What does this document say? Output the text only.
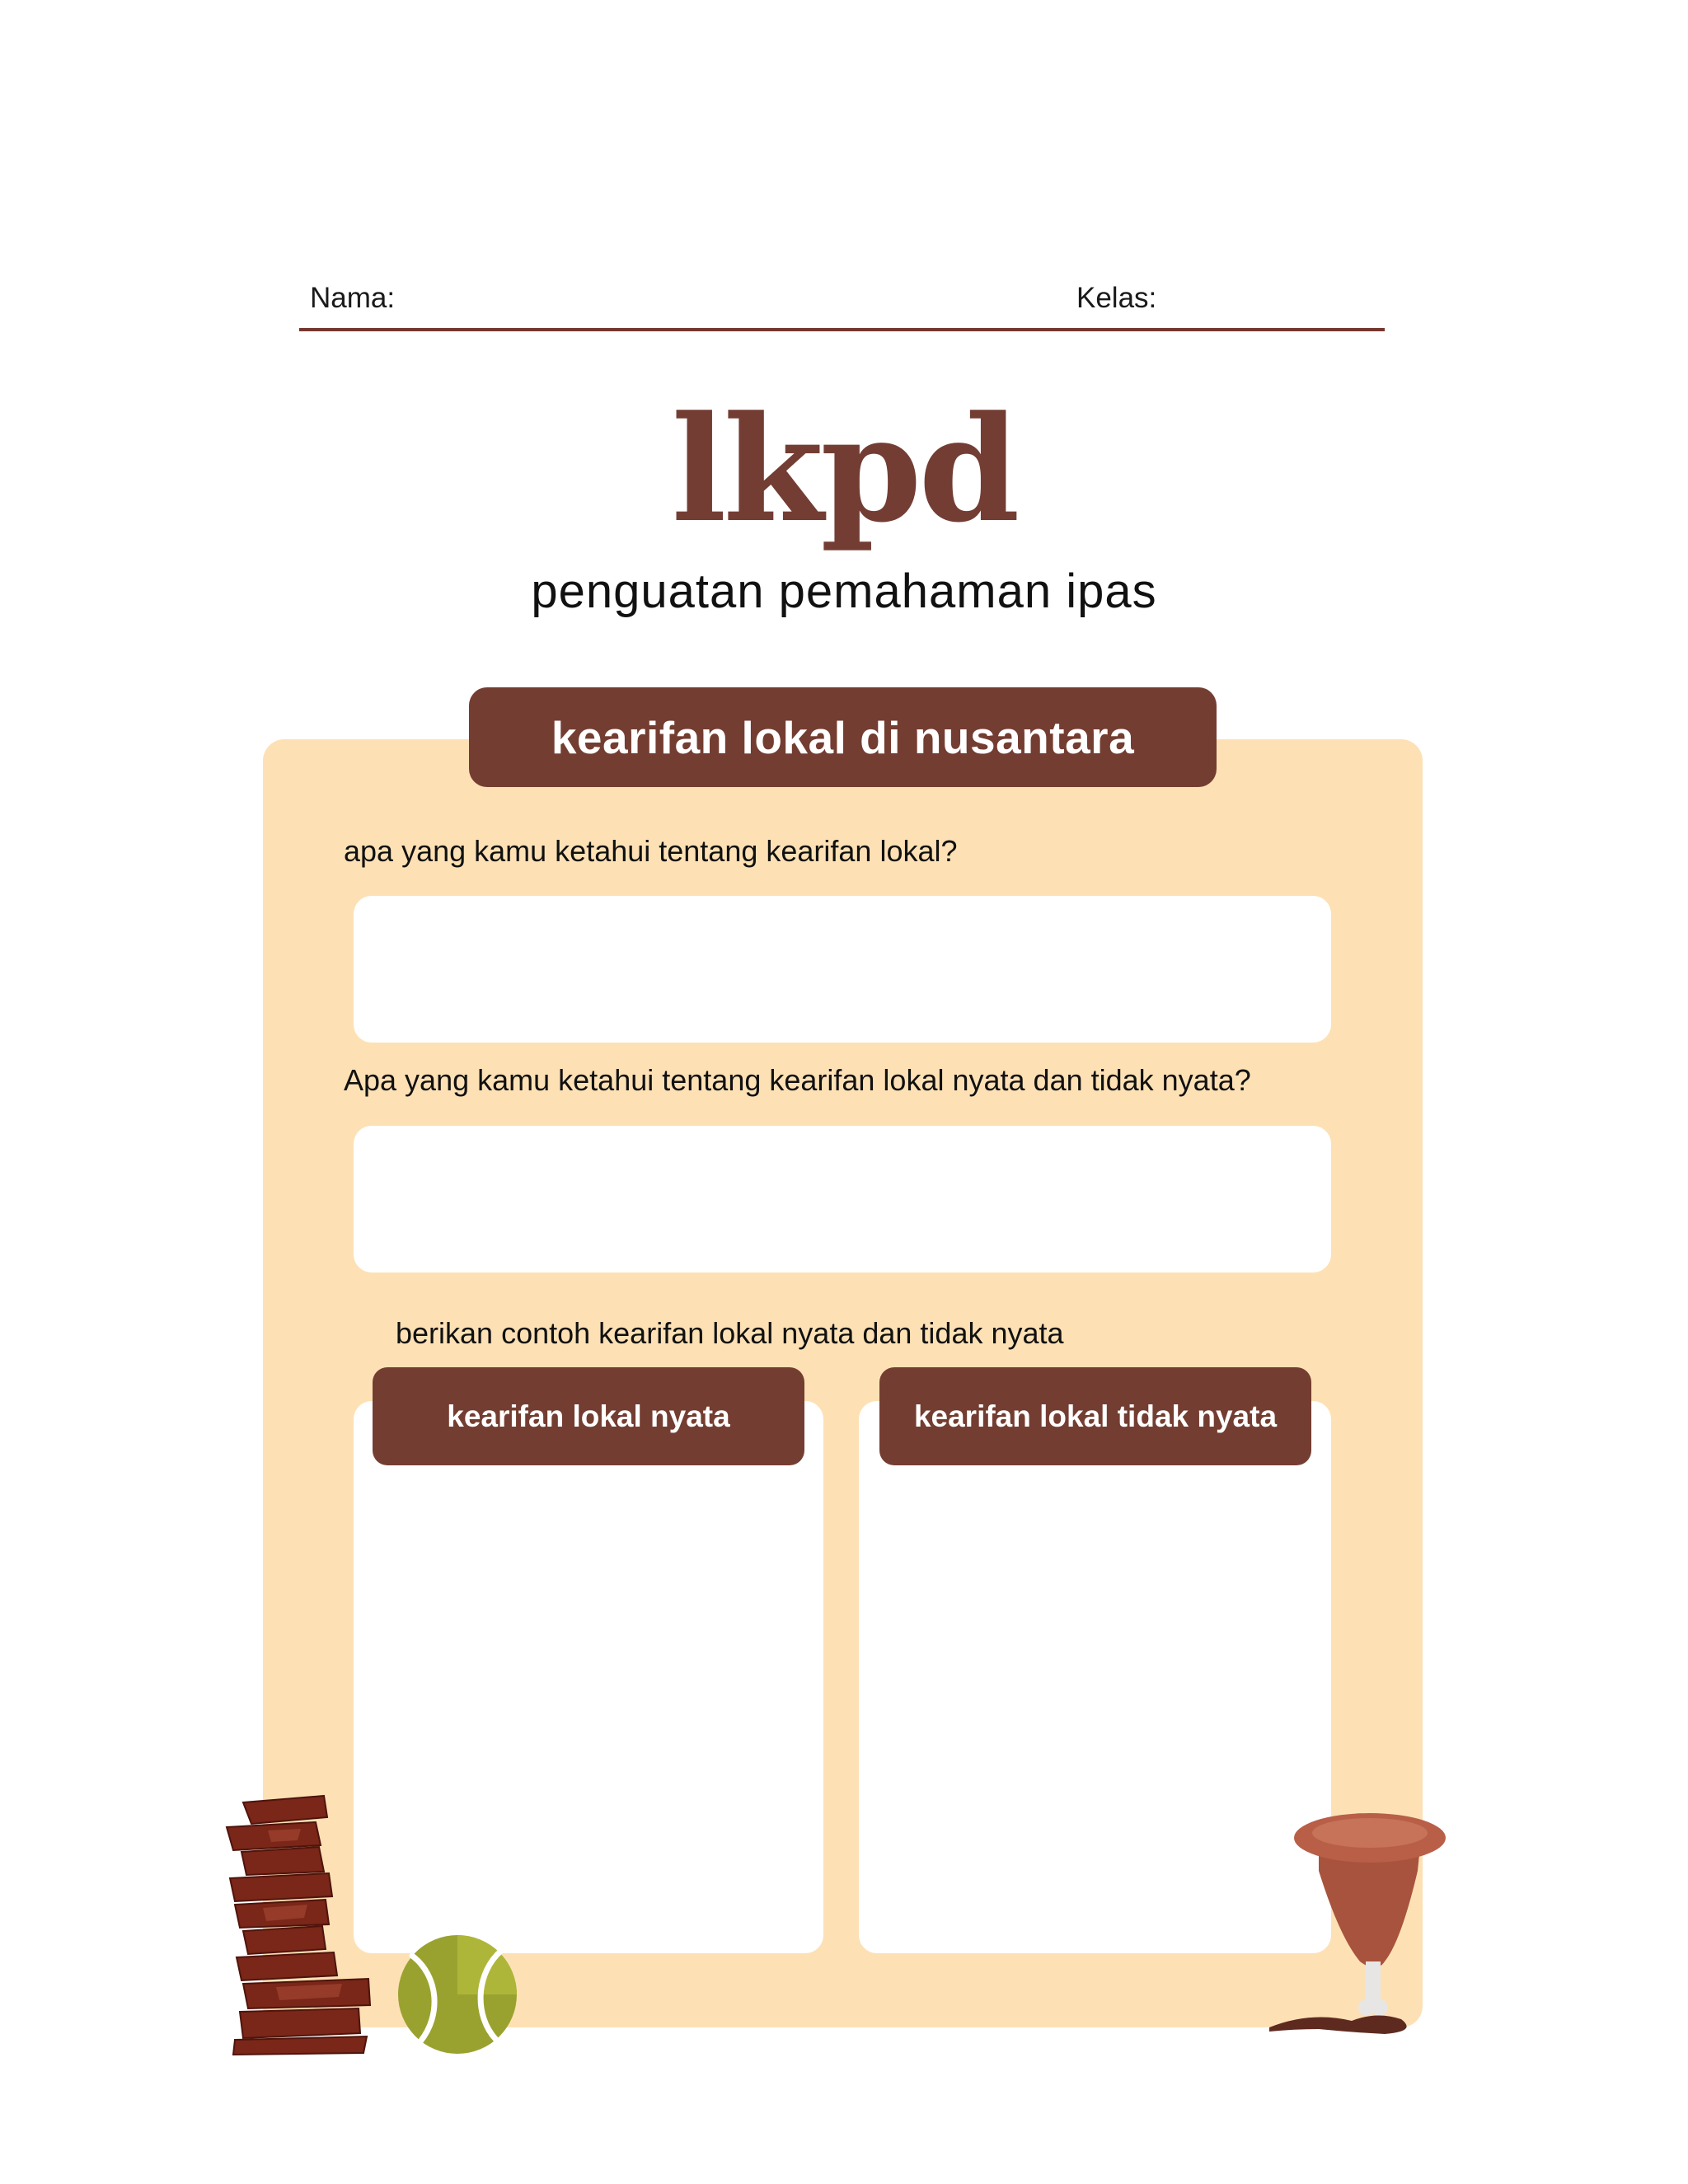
Nama:	Kelas:
lkpd
penguatan pemahaman ipas
kearifan lokal di nusantara
apa yang kamu ketahui tentang kearifan lokal?
Apa yang kamu ketahui tentang kearifan lokal nyata dan tidak nyata?
berikan contoh kearifan lokal nyata dan tidak nyata
kearifan lokal nyata	kearifan lokal tidak nyata
